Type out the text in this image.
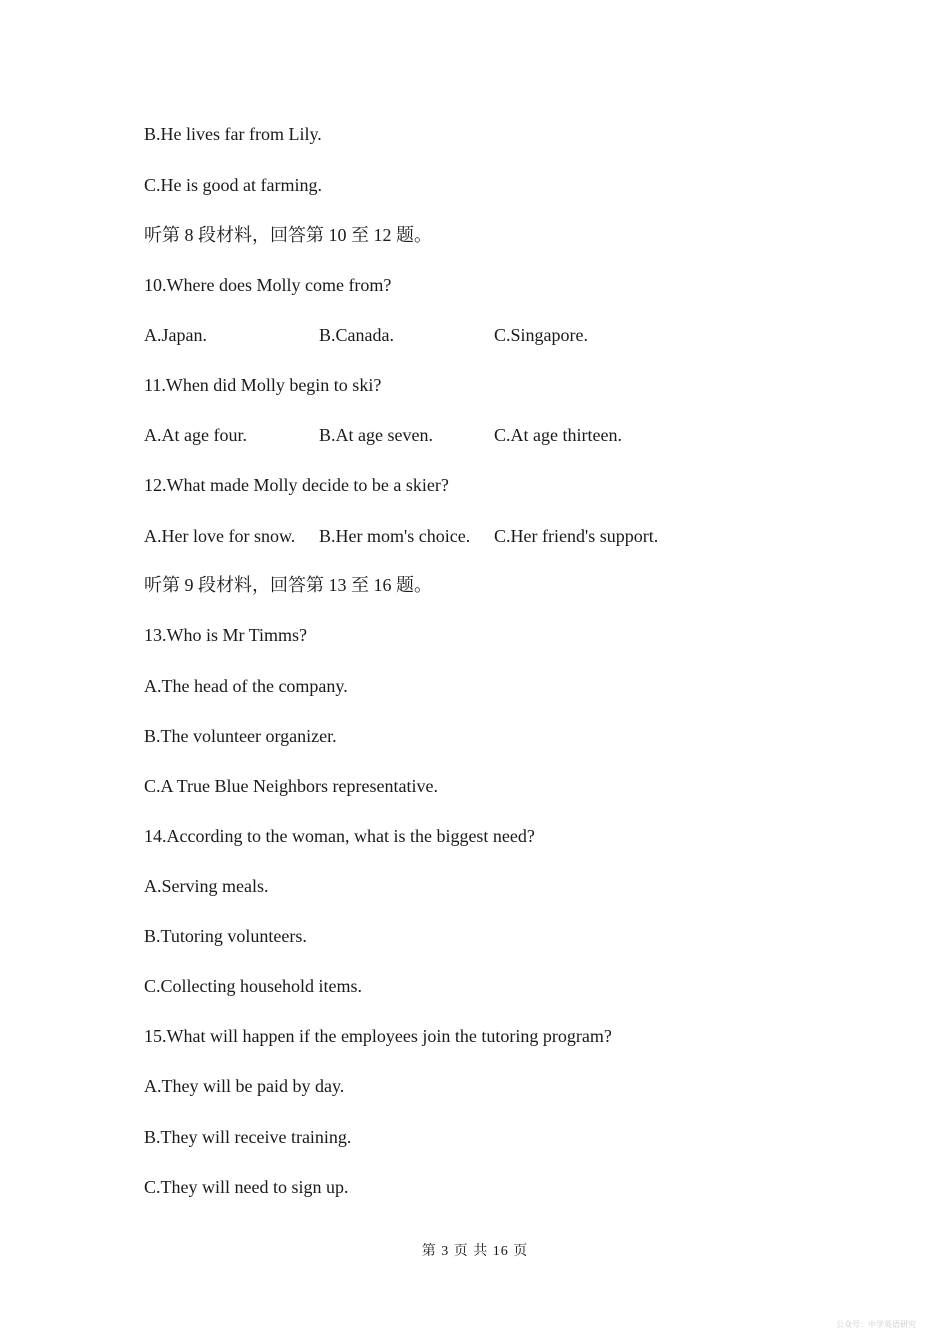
B.He lives far from Lily.
C.He is good at farming.
听第 8 段材料，回答第 10 至 12 题。
10.Where does Molly come from?
A.Japan.	B.Canada.	C.Singapore.
11.When did Molly begin to ski?
A.At age four.	B.At age seven.	C.At age thirteen.
12.What made Molly decide to be a skier?
A.Her love for snow. B.Her mom's choice. C.Her friend's support.
听第 9 段材料，回答第 13 至 16 题。
13.Who is Mr Timms?
A.The head of the company.
B.The volunteer organizer.
C.A True Blue Neighbors representative.
14.According to the woman, what is the biggest need?
A.Serving meals.
B.Tutoring volunteers.
C.Collecting household items.
15.What will happen if the employees join the tutoring program?
A.They will be paid by day.
B.They will receive training.
C.They will need to sign up.
第 3 页 共 16 页
公众号：中学英语研究
